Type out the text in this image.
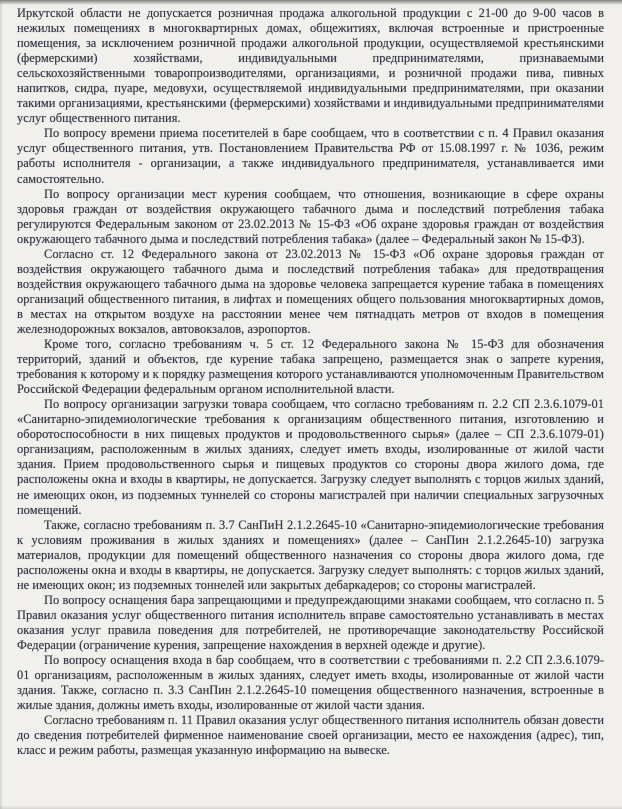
Иркутской области не допускается розничная продажа алкогольной продукции с 21-00 до 9-00 часов в нежилых помещениях в многоквартирных домах, общежитиях, включая встроенные и пристроенные помещения, за исключением розничной продажи алкогольной продукции, осуществляемой крестьянскими (фермерскими) хозяйствами, индивидуальными предпринимателями, признаваемыми сельскохозяйственными товаропроизводителями, организациями, и розничной продажи пива, пивных напитков, сидра, пуаре, медовухи, осуществляемой индивидуальными предпринимателями, при оказании такими организациями, крестьянскими (фермерскими) хозяйствами и индивидуальными предпринимателями услуг общественного питания.

По вопросу времени приема посетителей в баре сообщаем, что в соответствии с п. 4 Правил оказания услуг общественного питания, утв. Постановлением Правительства РФ от 15.08.1997 г. № 1036, режим работы исполнителя - организации, а также индивидуального предпринимателя, устанавливается ими самостоятельно.

По вопросу организации мест курения сообщаем, что отношения, возникающие в сфере охраны здоровья граждан от воздействия окружающего табачного дыма и последствий потребления табака регулируются Федеральным законом от 23.02.2013 № 15-ФЗ «Об охране здоровья граждан от воздействия окружающего табачного дыма и последствий потребления табака» (далее – Федеральный закон № 15-ФЗ).

Согласно ст. 12 Федерального закона от 23.02.2013 № 15-ФЗ «Об охране здоровья граждан от воздействия окружающего табачного дыма и последствий потребления табака» для предотвращения воздействия окружающего табачного дыма на здоровье человека запрещается курение табака в помещениях организаций общественного питания, в лифтах и помещениях общего пользования многоквартирных домов, в местах на открытом воздухе на расстоянии менее чем пятнадцать метров от входов в помещения железнодорожных вокзалов, автовокзалов, аэропортов.

Кроме того, согласно требованиям ч. 5 ст. 12 Федерального закона № 15-ФЗ для обозначения территорий, зданий и объектов, где курение табака запрещено, размещается знак о запрете курения, требования к которому и к порядку размещения которого устанавливаются уполномоченным Правительством Российской Федерации федеральным органом исполнительной власти.

По вопросу организации загрузки товара сообщаем, что согласно требованиям п. 2.2 СП 2.3.6.1079-01 «Санитарно-эпидемиологические требования к организациям общественного питания, изготовлению и оборотоспособности в них пищевых продуктов и продовольственного сырья» (далее – СП 2.3.6.1079-01) организациям, расположенным в жилых зданиях, следует иметь входы, изолированные от жилой части здания. Прием продовольственного сырья и пищевых продуктов со стороны двора жилого дома, где расположены окна и входы в квартиры, не допускается. Загрузку следует выполнять с торцов жилых зданий, не имеющих окон, из подземных туннелей со стороны магистралей при наличии специальных загрузочных помещений.

Также, согласно требованиям п. 3.7 СанПиН 2.1.2.2645-10 «Санитарно-эпидемиологические требования к условиям проживания в жилых зданиях и помещениях» (далее – СанПин 2.1.2.2645-10) загрузка материалов, продукции для помещений общественного назначения со стороны двора жилого дома, где расположены окна и входы в квартиры, не допускается. Загрузку следует выполнять: с торцов жилых зданий, не имеющих окон; из подземных тоннелей или закрытых дебаркадеров; со стороны магистралей.

По вопросу оснащения бара запрещающими и предупреждающими знаками сообщаем, что согласно п. 5 Правил оказания услуг общественного питания исполнитель вправе самостоятельно устанавливать в местах оказания услуг правила поведения для потребителей, не противоречащие законодательству Российской Федерации (ограничение курения, запрещение нахождения в верхней одежде и другие).

По вопросу оснащения входа в бар сообщаем, что в соответствии с требованиями п. 2.2 СП 2.3.6.1079-01 организациям, расположенным в жилых зданиях, следует иметь входы, изолированные от жилой части здания. Также, согласно п. 3.3 СанПин 2.1.2.2645-10 помещения общественного назначения, встроенные в жилые здания, должны иметь входы, изолированные от жилой части здания.

Согласно требованиям п. 11 Правил оказания услуг общественного питания исполнитель обязан довести до сведения потребителей фирменное наименование своей организации, место ее нахождения (адрес), тип, класс и режим работы, размещая указанную информацию на вывеске.
